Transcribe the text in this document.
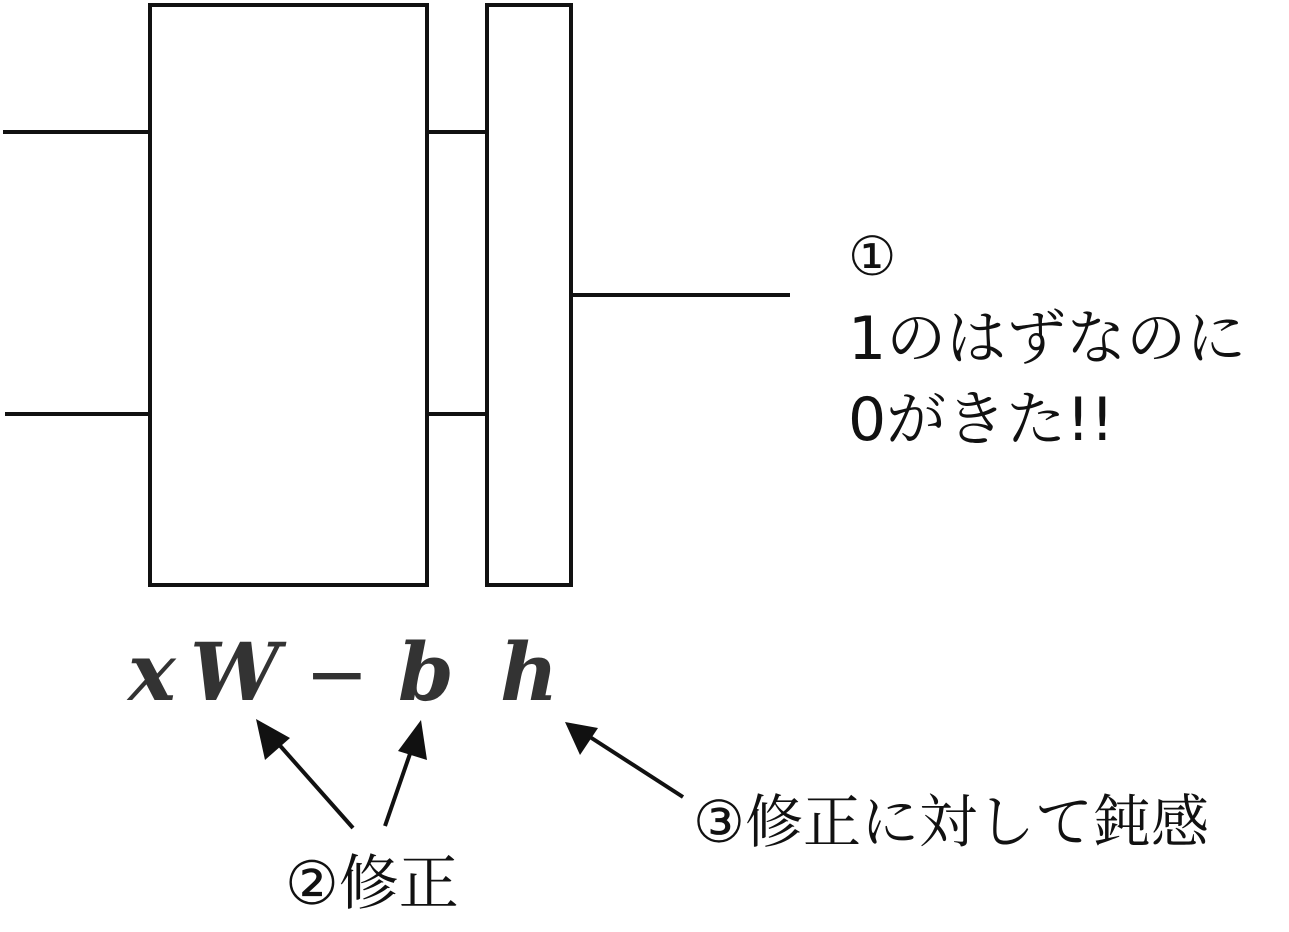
①
1のはずなのに
0がきた!!
x W − b h
②修正
③修正に対して鈍感
